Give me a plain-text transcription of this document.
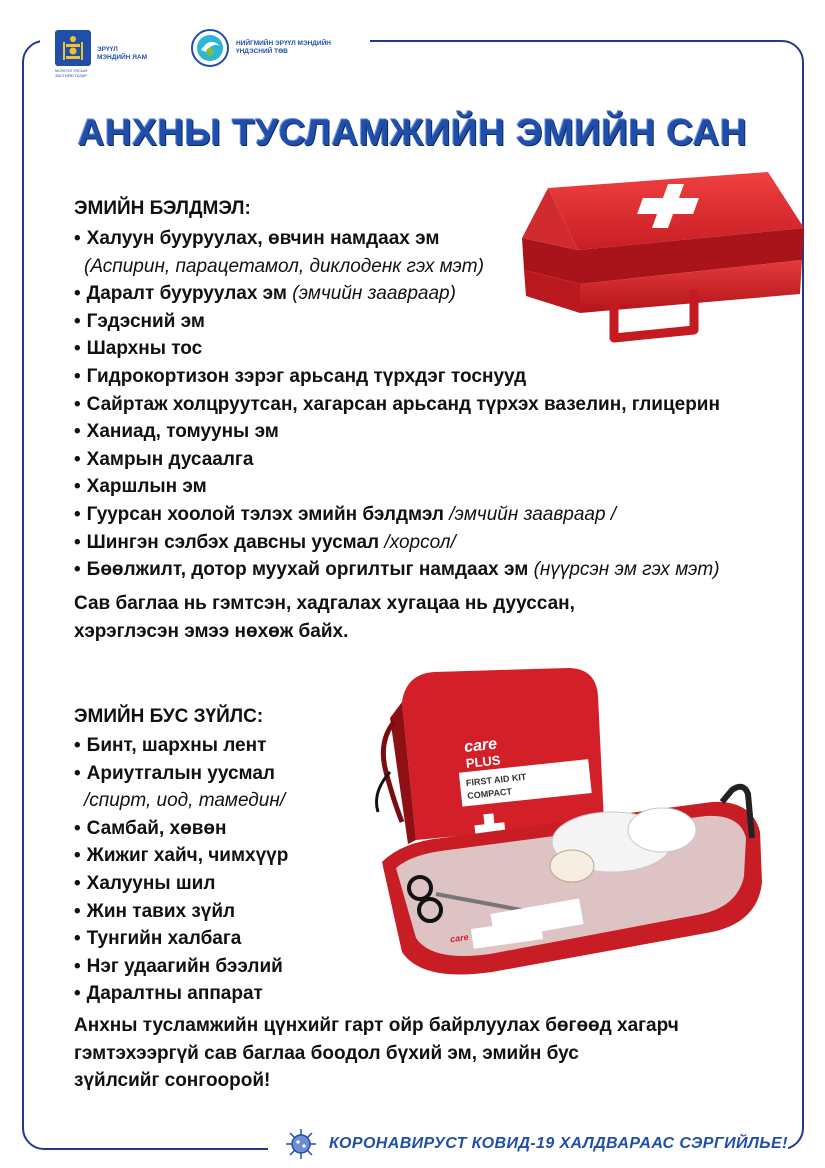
МОНГОЛ УЛСЫН ЗАСГИЙН ГАЗАР
ЭРҮҮЛ
МЭНДИЙН ЯАМ
НИЙГМИЙН ЭРҮҮЛ МЭНДИЙН
ҮНДЭСНИЙ ТӨВ
АНХНЫ ТУСЛАМЖИЙН ЭМИЙН САН
ЭМИЙН БЭЛДМЭЛ:
• Халуун бууруулах, өвчин намдаах эм
(Аспирин, парацетамол, диклоденк гэх мэт)
• Даралт бууруулах эм (эмчийн заавраар)
• Гэдэсний эм
• Шархны тос
• Гидрокортизон зэрэг арьсанд түрхдэг тоснууд
• Сайртаж холцруутсан, хагарсан арьсанд түрхэх вазелин, глицерин
• Ханиад, томууны эм
• Хамрын дусаалга
• Харшлын эм
• Гуурсан хоолой тэлэх эмийн бэлдмэл /эмчийн заавраар /
• Шингэн сэлбэх давсны уусмал /хорсол/
• Бөөлжилт, дотор муухай оргилтыг намдаах эм (нүүрсэн эм гэх мэт)

Сав баглаа нь гэмтсэн, хадгалах хугацаа нь дууссан,
хэрэглэсэн эмээ нөхөж байх.

care
PLUS
FIRST AID KIT
COMPACT
care
ЭМИЙН БУС ЗҮЙЛС:
• Бинт, шархны лент
• Ариутгалын уусмал
/спирт, иод, тамедин/
• Самбай, хөвөн
• Жижиг хайч, чимхүүр
• Халууны шил
• Жин тавих зүйл
• Тунгийн халбага
• Нэг удаагийн бээлий
• Даралтны аппарат

Анхны тусламжийн цүнхийг гарт ойр байрлуулах бөгөөд хагарч
гэмтэхээргүй сав баглаа боодол бүхий эм, эмийн бус
зүйлсийг сонгоорой!

КОРОНАВИРУСТ КОВИД-19 ХАЛДВАРААС СЭРГИЙЛЬЕ!
